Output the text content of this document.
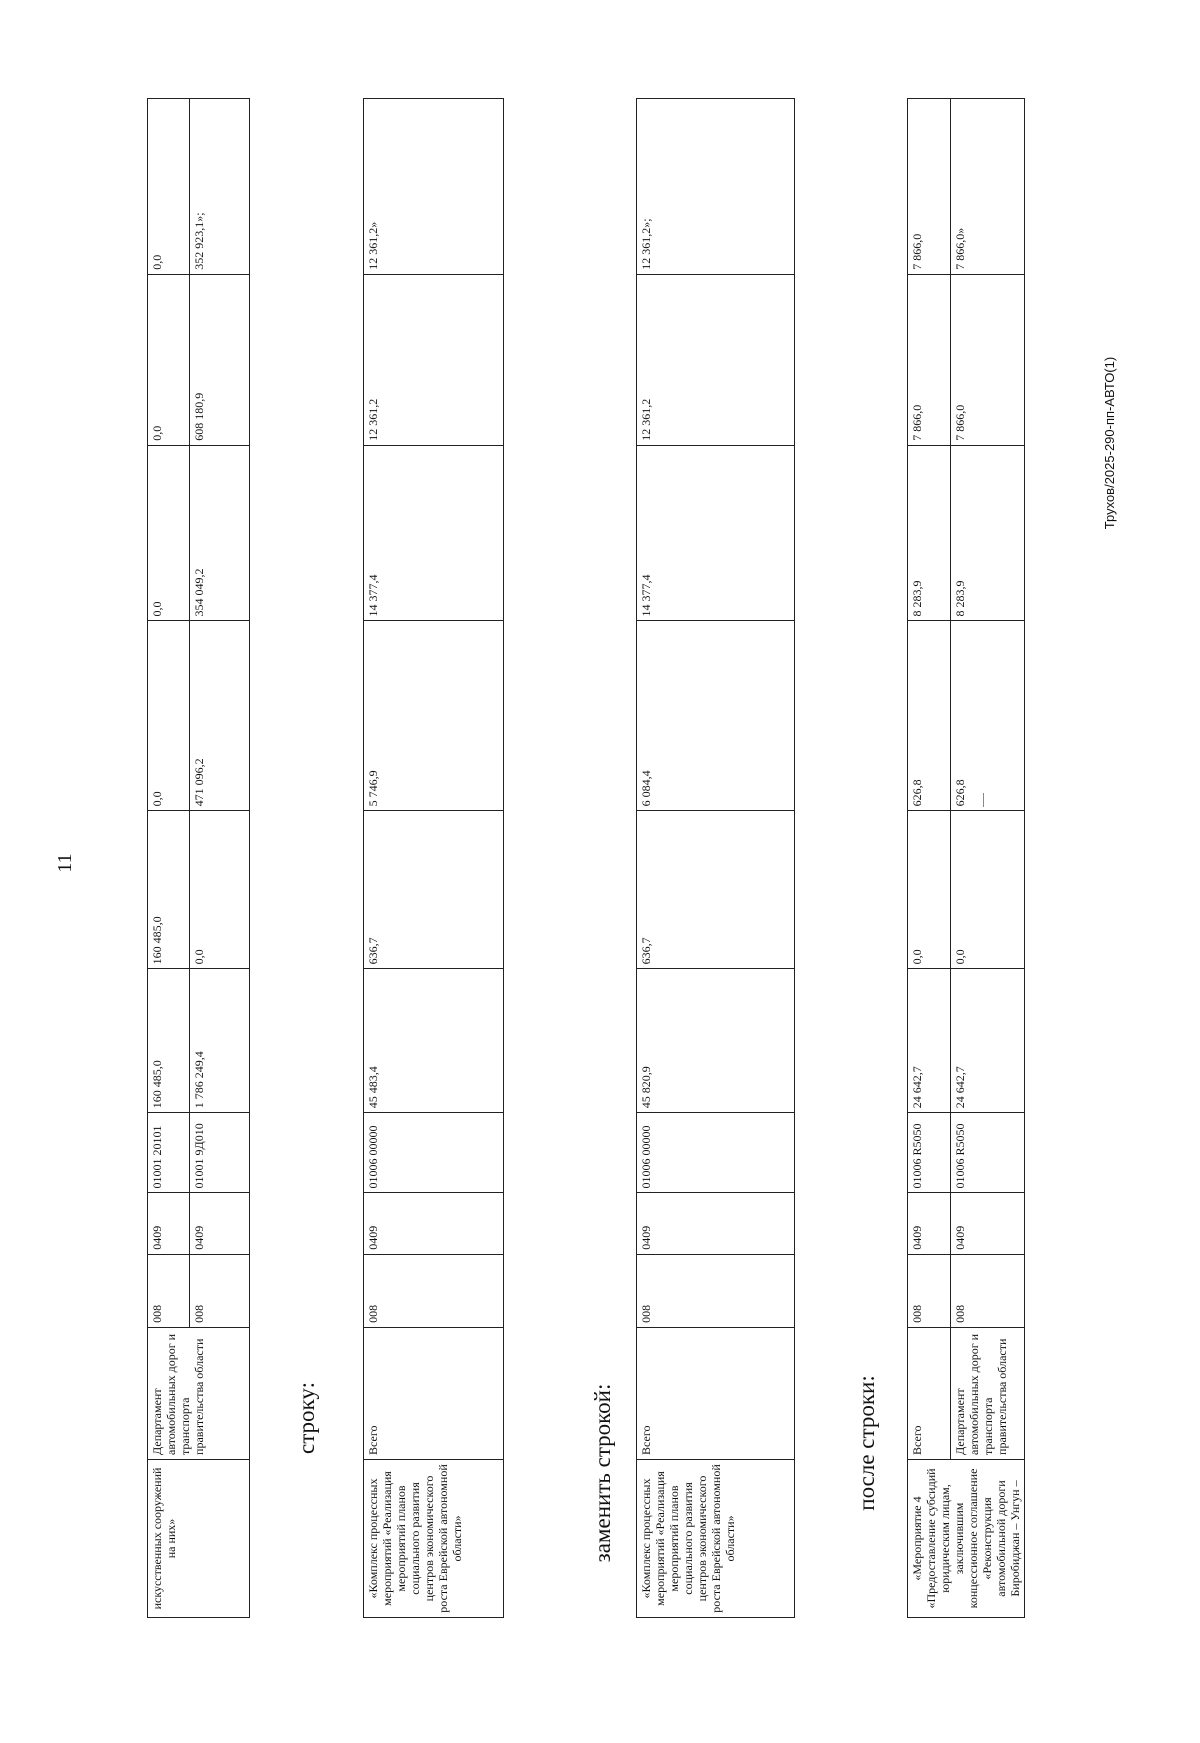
11
Трухов/2025-290-пп-АВТО(1)
строку:	заменить строкой:	после строки:
искусственных сооружений на них»	Департамент автомобильных дорог и транспорта правительства области	008	0409	01001 20101	160 485,0	160 485,0	0,0	0,0	0,0	0,0
		008	0409	01001 9Д010	1 786 249,4	0,0	471 096,2	354 049,2	608 180,9	352 923,1»;
«Комплекс процессных мероприятий «Реализация мероприятий планов социального развития центров экономического роста Еврейской автономной области»	Всего	008	0409	01006 00000	45 483,4	636,7	5 746,9	14 377,4	12 361,2	12 361,2»
«Комплекс процессных мероприятий «Реализация мероприятий планов социального развития центров экономического роста Еврейской автономной области»	Всего	008	0409	01006 00000	45 820,9	636,7	6 084,4	14 377,4	12 361,2	12 361,2»;
«Мероприятие 4 «Предоставление субсидий юридическим лицам, заключившим концессионное соглашение «Реконструкция автомобильной дороги Биробиджан – Унгун –	Всего	008	0409	01006 R5050	24 642,7	0,0	626,8	8 283,9	7 866,0	7 866,0
	Департамент автомобильных дорог и транспорта правительства области	008	0409	01006 R5050	24 642,7	0,0	626,8	8 283,9	7 866,0	7 866,0»
